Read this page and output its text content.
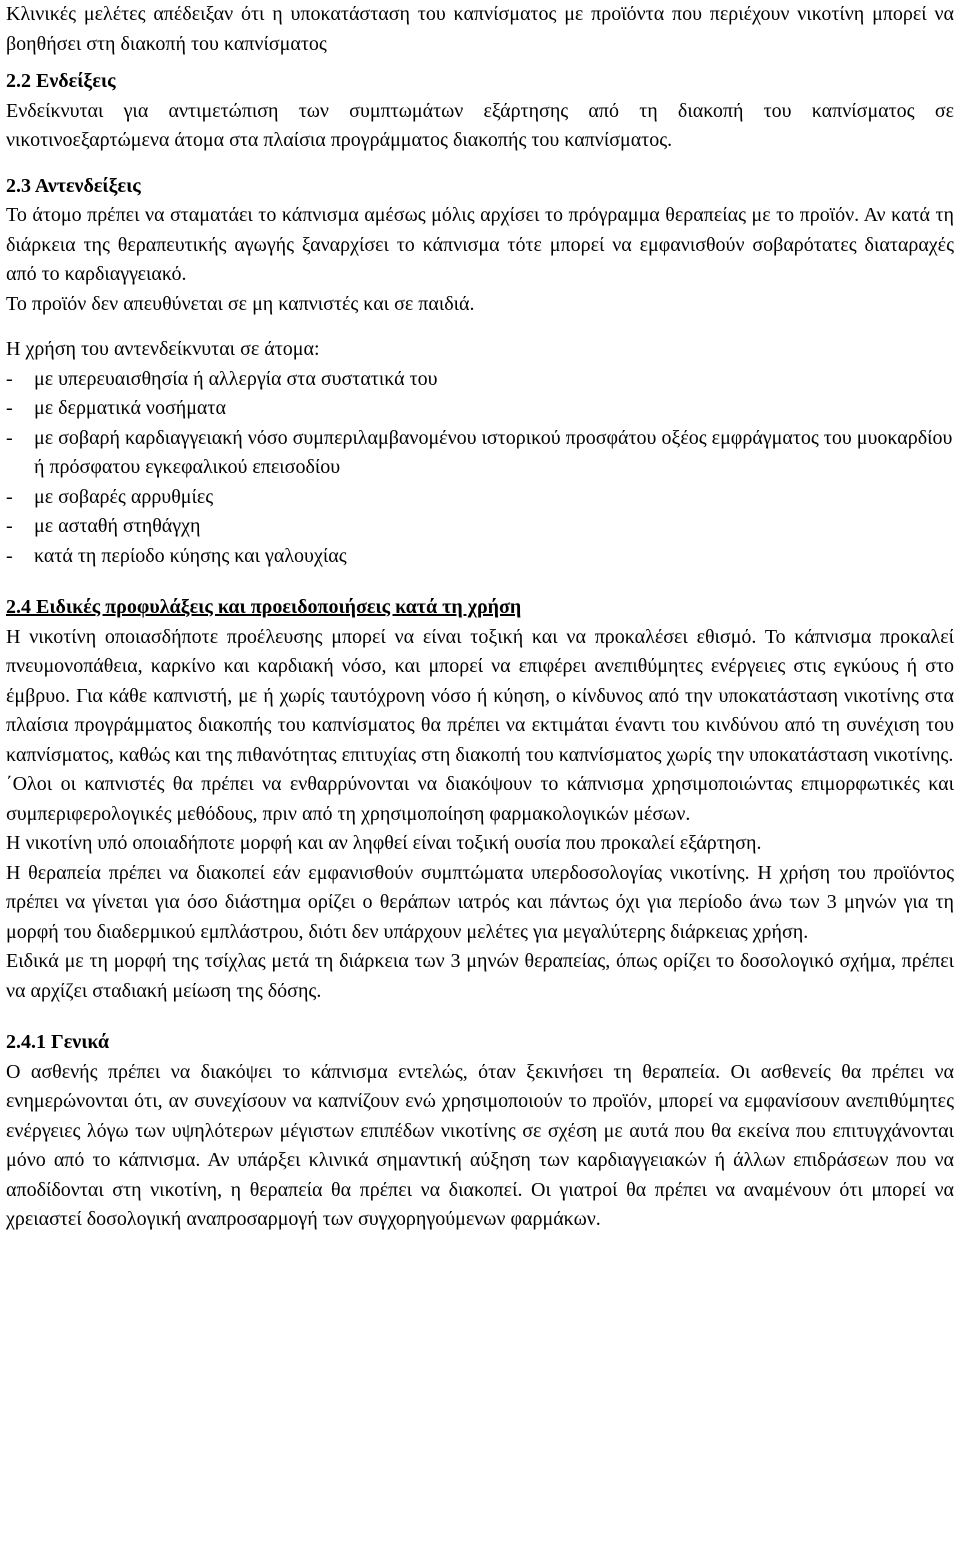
Κλινικές μελέτες απέδειξαν ότι η υποκατάσταση του καπνίσματος με προϊόντα που περιέχουν νικοτίνη μπορεί να βοηθήσει στη διακοπή του καπνίσματος

2.2 Ενδείξεις

Ενδείκνυται για αντιμετώπιση των συμπτωμάτων εξάρτησης από τη διακοπή του καπνίσματος σε νικοτινοεξαρτώμενα άτομα στα πλαίσια προγράμματος διακοπής του καπνίσματος.

2.3 Αντενδείξεις

Το άτομο πρέπει να σταματάει το κάπνισμα αμέσως μόλις αρχίσει το πρόγραμμα θεραπείας με το προϊόν. Αν κατά τη διάρκεια της θεραπευτικής αγωγής ξαναρχίσει το κάπνισμα τότε μπορεί να εμφανισθούν σοβαρότατες διαταραχές από το καρδιαγγειακό.

Το προϊόν δεν απευθύνεται σε μη καπνιστές και σε παιδιά.

Η χρήση του αντενδείκνυται σε άτομα:

- με υπερευαισθησία ή αλλεργία στα συστατικά του
- με δερματικά νοσήματα
- με σοβαρή καρδιαγγειακή νόσο συμπεριλαμβανομένου ιστορικού προσφάτου οξέος εμφράγματος του μυοκαρδίου ή πρόσφατου εγκεφαλικού επεισοδίου
- με σοβαρές αρρυθμίες
- με ασταθή στηθάγχη
- κατά τη περίοδο κύησης και γαλουχίας

2.4 Ειδικές προφυλάξεις και προειδοποιήσεις κατά τη χρήση

Η νικοτίνη οποιασδήποτε προέλευσης μπορεί να είναι τοξική και να προκαλέσει εθισμό. Το κάπνισμα προκαλεί πνευμονοπάθεια, καρκίνο και καρδιακή νόσο, και μπορεί να επιφέρει ανεπιθύμητες ενέργειες στις εγκύους ή στο έμβρυο. Για κάθε καπνιστή, με ή χωρίς ταυτόχρονη νόσο ή κύηση, ο κίνδυνος από την υποκατάσταση νικοτίνης στα πλαίσια προγράμματος διακοπής του καπνίσματος θα πρέπει να εκτιμάται έναντι του κινδύνου από τη συνέχιση του καπνίσματος, καθώς και της πιθανότητας επιτυχίας στη διακοπή του καπνίσματος χωρίς την υποκατάσταση νικοτίνης.

΄Ολοι οι καπνιστές θα πρέπει να ενθαρρύνονται να διακόψουν το κάπνισμα χρησιμοποιώντας επιμορφωτικές και συμπεριφερολογικές μεθόδους, πριν από τη χρησιμοποίηση φαρμακολογικών μέσων.

Η νικοτίνη υπό οποιαδήποτε μορφή και αν ληφθεί είναι τοξική ουσία που προκαλεί εξάρτηση.

Η θεραπεία πρέπει να διακοπεί εάν εμφανισθούν συμπτώματα υπερδοσολογίας νικοτίνης. Η χρήση του προϊόντος πρέπει να γίνεται για όσο διάστημα ορίζει ο θεράπων ιατρός και πάντως όχι για περίοδο άνω των 3 μηνών για τη μορφή του διαδερμικού εμπλάστρου, διότι δεν υπάρχουν μελέτες για μεγαλύτερης διάρκειας χρήση.

Ειδικά με τη μορφή της τσίχλας μετά τη διάρκεια των 3 μηνών θεραπείας, όπως ορίζει το δοσολογικό σχήμα, πρέπει να αρχίζει σταδιακή μείωση της δόσης.

2.4.1 Γενικά

Ο ασθενής πρέπει να διακόψει το κάπνισμα εντελώς, όταν ξεκινήσει τη θεραπεία. Οι ασθενείς θα πρέπει να ενημερώνονται ότι, αν συνεχίσουν να καπνίζουν ενώ χρησιμοποιούν το προϊόν, μπορεί να εμφανίσουν ανεπιθύμητες ενέργειες λόγω των υψηλότερων μέγιστων επιπέδων νικοτίνης σε σχέση με αυτά που θα εκείνα που επιτυγχάνονται μόνο από το κάπνισμα. Αν υπάρξει κλινικά σημαντική αύξηση των καρδιαγγειακών ή άλλων επιδράσεων που να αποδίδονται στη νικοτίνη, η θεραπεία θα πρέπει να διακοπεί. Οι γιατροί θα πρέπει να αναμένουν ότι μπορεί να χρειαστεί δοσολογική αναπροσαρμογή των συγχορηγούμενων φαρμάκων.
